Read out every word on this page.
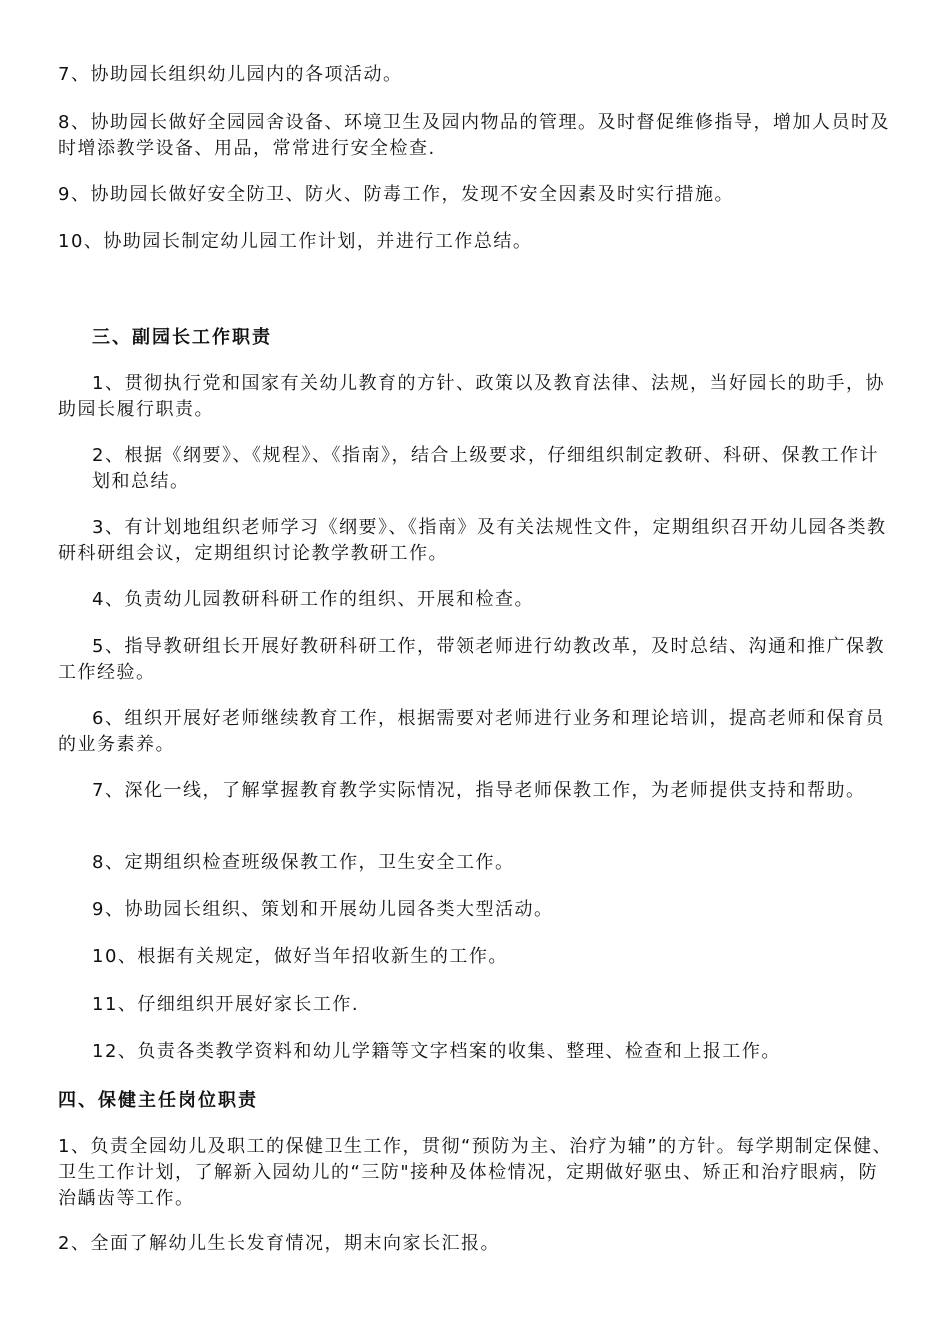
7、协助园长组织幼儿园内的各项活动。

8、协助园长做好全园园舍设备、环境卫生及园内物品的管理。及时督促维修指导，增加人员时及时增添教学设备、用品，常常进行安全检查.

9、协助园长做好安全防卫、防火、防毒工作，发现不安全因素及时实行措施。

10、协助园长制定幼儿园工作计划，并进行工作总结。

三、副园长工作职责

1、贯彻执行党和国家有关幼儿教育的方针、政策以及教育法律、法规，当好园长的助手，协助园长履行职责。

2、根据《纲要》、《规程》、《指南》，结合上级要求，仔细组织制定教研、科研、保教工作计划和总结。

3、有计划地组织老师学习《纲要》、《指南》及有关法规性文件，定期组织召开幼儿园各类教研科研组会议，定期组织讨论教学教研工作。

4、负责幼儿园教研科研工作的组织、开展和检查。

5、指导教研组长开展好教研科研工作，带领老师进行幼教改革，及时总结、沟通和推广保教工作经验。

6、组织开展好老师继续教育工作，根据需要对老师进行业务和理论培训，提高老师和保育员的业务素养。

7、深化一线，了解掌握教育教学实际情况，指导老师保教工作，为老师提供支持和帮助。

8、定期组织检查班级保教工作，卫生安全工作。

9、协助园长组织、策划和开展幼儿园各类大型活动。

10、根据有关规定，做好当年招收新生的工作。

11、仔细组织开展好家长工作.

12、负责各类教学资料和幼儿学籍等文字档案的收集、整理、检查和上报工作。

四、保健主任岗位职责

1、负责全园幼儿及职工的保健卫生工作，贯彻“预防为主、治疗为辅”的方针。每学期制定保健、卫生工作计划，了解新入园幼儿的“三防"接种及体检情况，定期做好驱虫、矫正和治疗眼病，防治龋齿等工作。

2、全面了解幼儿生长发育情况，期末向家长汇报。
